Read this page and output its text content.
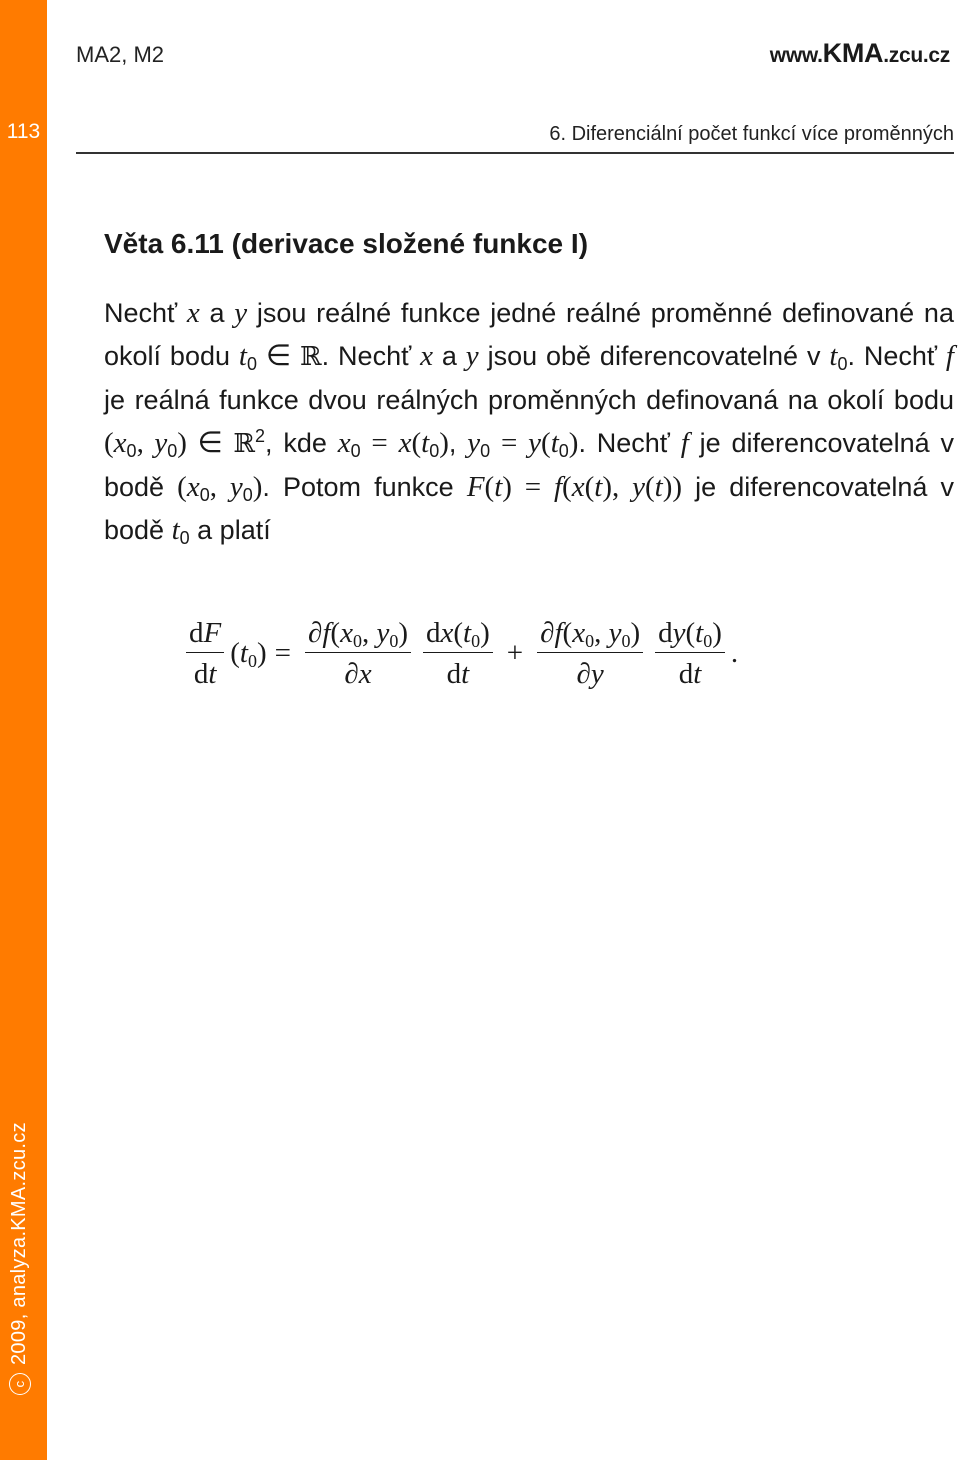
113
c2009, analyza.KMA.zcu.cz
MA2, M2	www.KMA.zcu.cz
6. Diferenciální počet funkcí více proměnných
Věta 6.11 (derivace složené funkce I)
Nechť x a y jsou reálné funkce jedné reálné proměnné definované na okolí bodu $t_0$ ∈ ℝ. Nechť x a y jsou obě diferencovatelné v $t_0$. Nechť f je reálná funkce dvou reálných proměnných definovaná na okolí bodu ($x_0$, $y_0$) ∈ ℝ$^2$, kde $x_0 = x(t_0)$, $y_0 = y(t_0)$. Nechť f je diferencovatelná v bodě ($x_0$, $y_0$). Potom funkce F(t) = f(x(t), y(t)) je diferencovatelná v bodě $t_0$ a platí
$\frac{dF}{dt} (t_0) = \frac{\partial f(x_0, y_0)}{\partial x} \frac{dx(t_0)}{dt} + \frac{\partial f(x_0, y_0)}{\partial y} \frac{dy(t_0)}{dt}$ .
